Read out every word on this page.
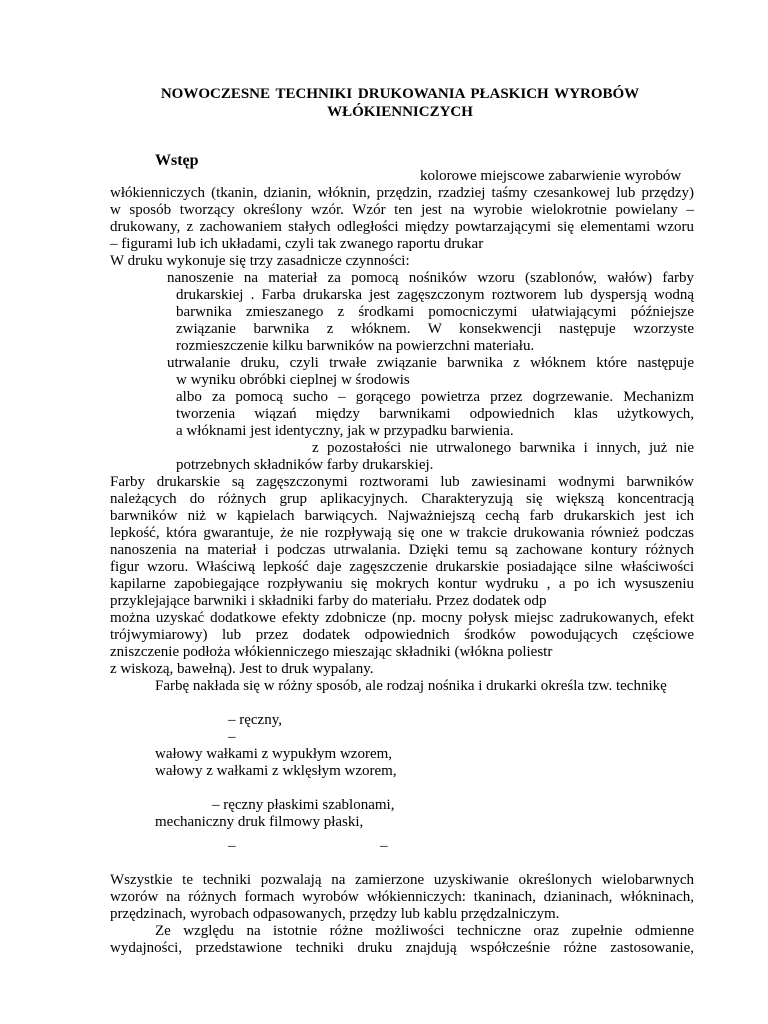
NOWOCZESNE TECHNIKI DRUKOWANIA PŁASKICH WYROBÓW
WŁÓKIENNICZYCH
Wstęp
kolorowe miejscowe zabarwienie wyrobów
włókienniczych (tkanin, dzianin, włóknin, przędzin, rzadziej taśmy czesankowej lub przędzy)
w sposób tworzący określony wzór. Wzór ten jest na wyrobie wielokrotnie powielany –
drukowany, z zachowaniem stałych odległości między powtarzającymi się elementami wzoru
– figurami lub ich układami, czyli tak zwanego raportu drukar
W druku wykonuje się trzy zasadnicze czynności:
nanoszenie na materiał za pomocą nośników wzoru (szablonów, wałów) farby
drukarskiej . Farba drukarska jest zagęszczonym roztworem lub dyspersją wodną
barwnika zmieszanego z środkami pomocniczymi ułatwiającymi późniejsze
związanie barwnika z włóknem. W konsekwencji następuje wzorzyste
rozmieszczenie kilku barwników na powierzchni materiału.
utrwalanie druku, czyli trwałe związanie barwnika z włóknem które następuje
w wyniku obróbki cieplnej w środowis
albo za pomocą sucho – gorącego powietrza przez dogrzewanie. Mechanizm
tworzenia wiązań między barwnikami odpowiednich klas użytkowych,
a włóknami jest identyczny, jak w przypadku barwienia.
z pozostałości nie utrwalonego barwnika i innych, już nie
potrzebnych składników farby drukarskiej.
Farby drukarskie są zagęszczonymi roztworami lub zawiesinami wodnymi barwników
należących do różnych grup aplikacyjnych. Charakteryzują się większą koncentracją
barwników niż w kąpielach barwiących. Najważniejszą cechą farb drukarskich jest ich
lepkość, która gwarantuje, że nie rozpływają się one w trakcie drukowania również podczas
nanoszenia na materiał i podczas utrwalania. Dzięki temu są zachowane kontury różnych
figur wzoru. Właściwą lepkość daje zagęszczenie drukarskie posiadające silne właściwości
kapilarne zapobiegające rozpływaniu się mokrych kontur wydruku , a po ich wysuszeniu
przyklejające barwniki i składniki farby do materiału. Przez dodatek odp
można uzyskać dodatkowe efekty zdobnicze (np. mocny połysk miejsc zadrukowanych, efekt
trójwymiarowy) lub przez dodatek odpowiednich środków powodujących częściowe
zniszczenie podłoża włókienniczego mieszając składniki (włókna poliestr
z wiskozą, bawełną). Jest to druk wypalany.
Farbę nakłada się w różny sposób, ale rodzaj nośnika i drukarki określa tzw. technikę
– ręczny,
–
wałowy wałkami z wypukłym wzorem,
wałowy z wałkami z wklęsłym wzorem,
– ręczny płaskimi szablonami,
mechaniczny druk filmowy płaski,
–	–
Wszystkie te techniki pozwalają na zamierzone uzyskiwanie określonych wielobarwnych
wzorów na różnych formach wyrobów włókienniczych: tkaninach, dzianinach, włókninach,
przędzinach, wyrobach odpasowanych, przędzy lub kablu przędzalniczym.
Ze względu na istotnie różne możliwości techniczne oraz zupełnie odmienne
wydajności, przedstawione techniki druku znajdują współcześnie różne zastosowanie,
